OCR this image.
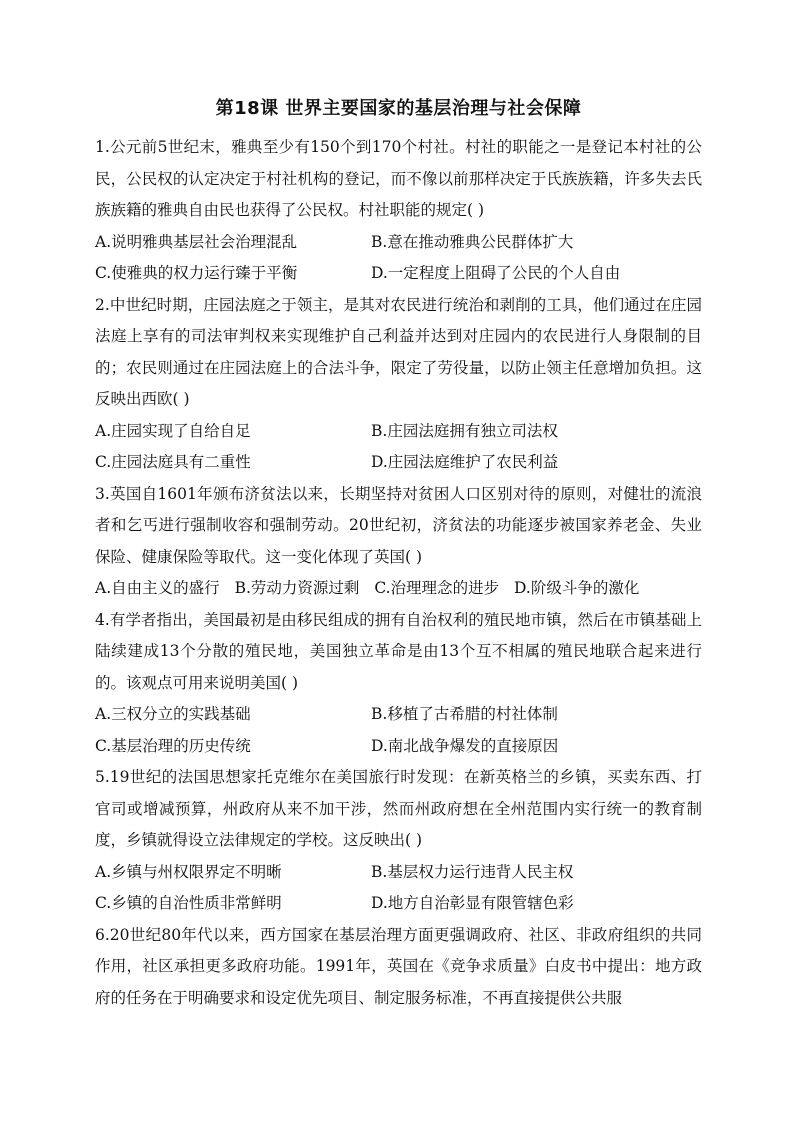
第18课 世界主要国家的基层治理与社会保障

1.公元前5世纪末，雅典至少有150个到170个村社。村社的职能之一是登记本村社的公民，公民权的认定决定于村社机构的登记，而不像以前那样决定于氏族族籍，许多失去氏族族籍的雅典自由民也获得了公民权。村社职能的规定( )

A.说明雅典基层社会治理混乱	B.意在推动雅典公民群体扩大
C.使雅典的权力运行臻于平衡	D.一定程度上阻碍了公民的个人自由

2.中世纪时期，庄园法庭之于领主，是其对农民进行统治和剥削的工具，他们通过在庄园法庭上享有的司法审判权来实现维护自己利益并达到对庄园内的农民进行人身限制的目的；农民则通过在庄园法庭上的合法斗争，限定了劳役量，以防止领主任意增加负担。这反映出西欧( )

A.庄园实现了自给自足	B.庄园法庭拥有独立司法权
C.庄园法庭具有二重性	D.庄园法庭维护了农民利益

3.英国自1601年颁布济贫法以来，长期坚持对贫困人口区别对待的原则，对健壮的流浪者和乞丐进行强制收容和强制劳动。20世纪初，济贫法的功能逐步被国家养老金、失业保险、健康保险等取代。这一变化体现了英国( )

A.自由主义的盛行 B.劳动力资源过剩 C.治理理念的进步 D.阶级斗争的激化

4.有学者指出，美国最初是由移民组成的拥有自治权利的殖民地市镇，然后在市镇基础上陆续建成13个分散的殖民地，美国独立革命是由13个互不相属的殖民地联合起来进行的。该观点可用来说明美国( )

A.三权分立的实践基础	B.移植了古希腊的村社体制
C.基层治理的历史传统	D.南北战争爆发的直接原因

5.19世纪的法国思想家托克维尔在美国旅行时发现：在新英格兰的乡镇，买卖东西、打官司或增减预算，州政府从来不加干涉，然而州政府想在全州范围内实行统一的教育制度，乡镇就得设立法律规定的学校。这反映出( )

A.乡镇与州权限界定不明晰	B.基层权力运行违背人民主权
C.乡镇的自治性质非常鲜明	D.地方自治彰显有限管辖色彩

6.20世纪80年代以来，西方国家在基层治理方面更强调政府、社区、非政府组织的共同作用，社区承担更多政府功能。1991年，英国在《竞争求质量》白皮书中提出：地方政府的任务在于明确要求和设定优先项目、制定服务标准，不再直接提供公共服
